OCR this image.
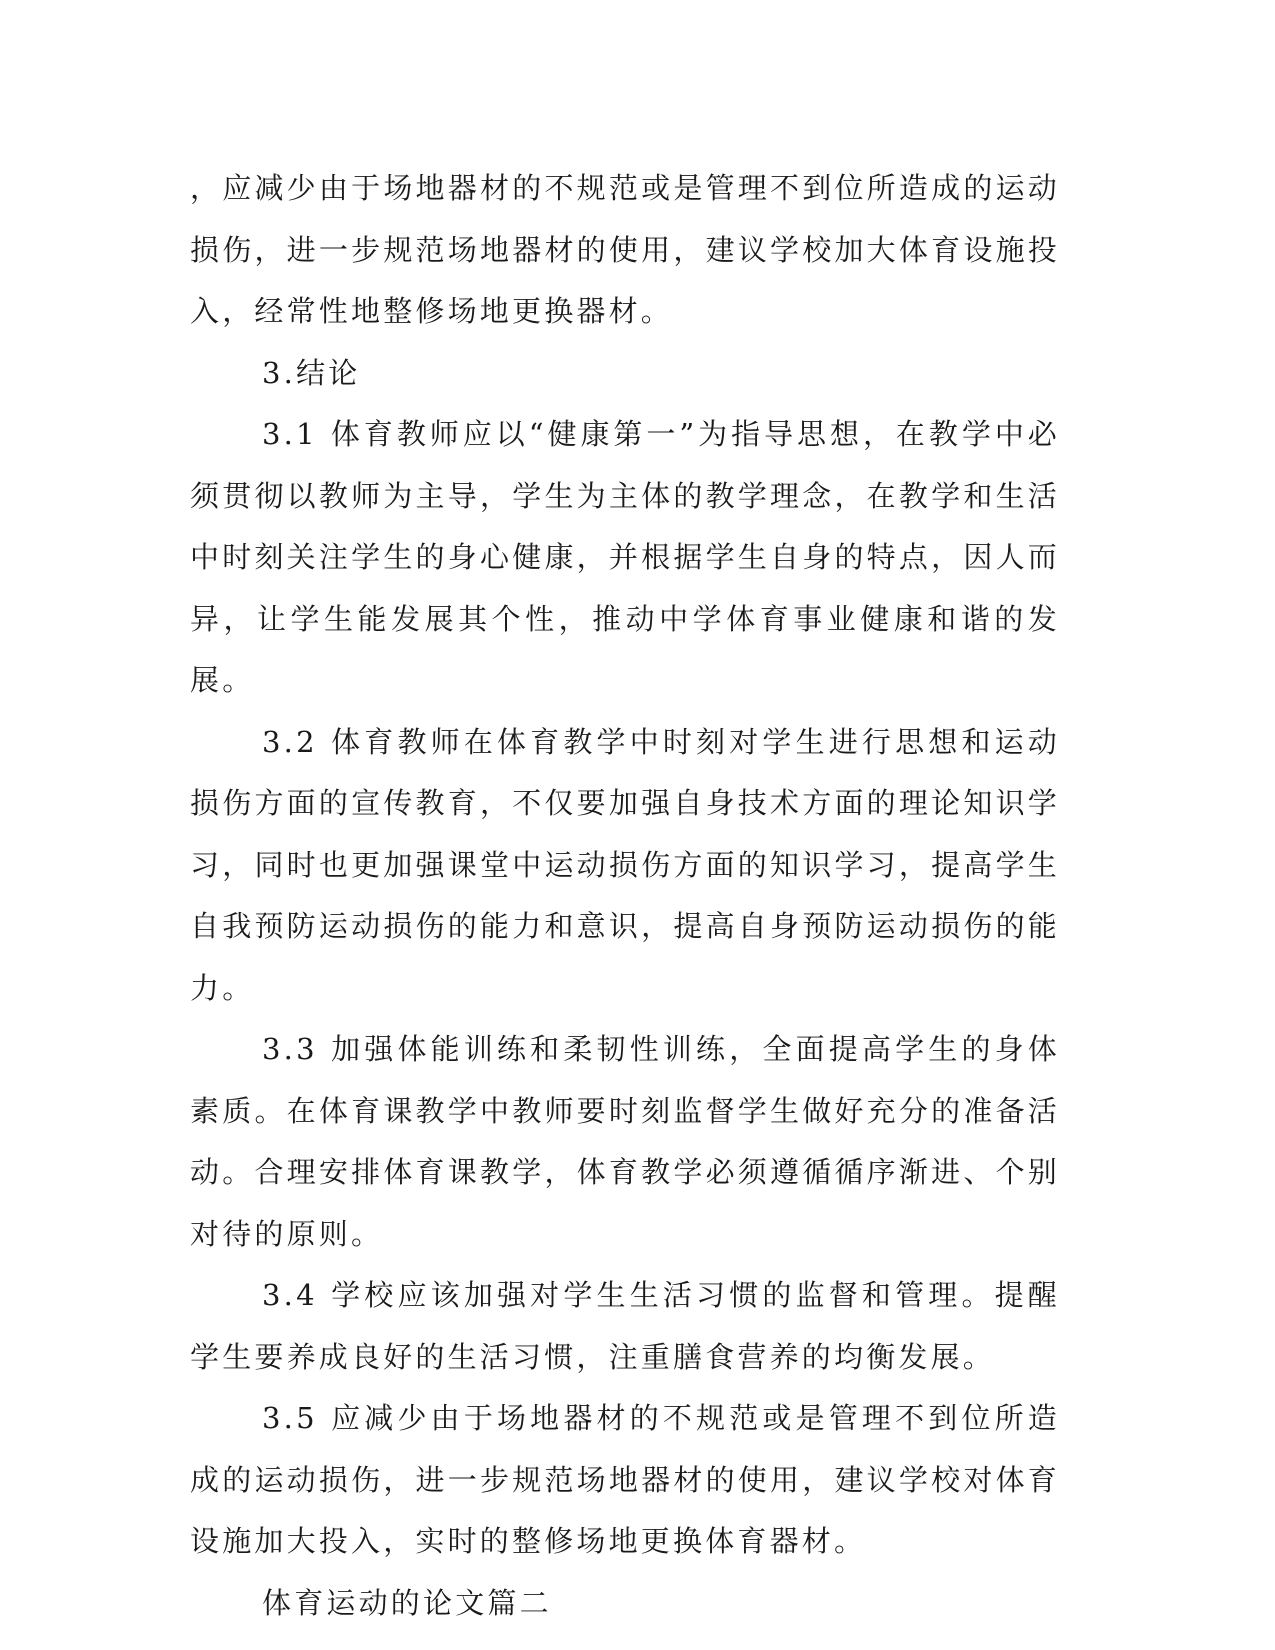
，应减少由于场地器材的不规范或是管理不到位所造成的运动损伤，进一步规范场地器材的使用，建议学校加大体育设施投入，经常性地整修场地更换器材。

3.结论

3.1 体育教师应以“健康第一”为指导思想，在教学中必须贯彻以教师为主导，学生为主体的教学理念，在教学和生活中时刻关注学生的身心健康，并根据学生自身的特点，因人而异，让学生能发展其个性，推动中学体育事业健康和谐的发展。

3.2 体育教师在体育教学中时刻对学生进行思想和运动损伤方面的宣传教育，不仅要加强自身技术方面的理论知识学习，同时也更加强课堂中运动损伤方面的知识学习，提高学生自我预防运动损伤的能力和意识，提高自身预防运动损伤的能力。

3.3 加强体能训练和柔韧性训练，全面提高学生的身体素质。在体育课教学中教师要时刻监督学生做好充分的准备活动。合理安排体育课教学，体育教学必须遵循循序渐进、个别对待的原则。

3.4 学校应该加强对学生生活习惯的监督和管理。提醒学生要养成良好的生活习惯，注重膳食营养的均衡发展。

3.5 应减少由于场地器材的不规范或是管理不到位所造成的运动损伤，进一步规范场地器材的使用，建议学校对体育设施加大投入，实时的整修场地更换体育器材。

体育运动的论文篇二
